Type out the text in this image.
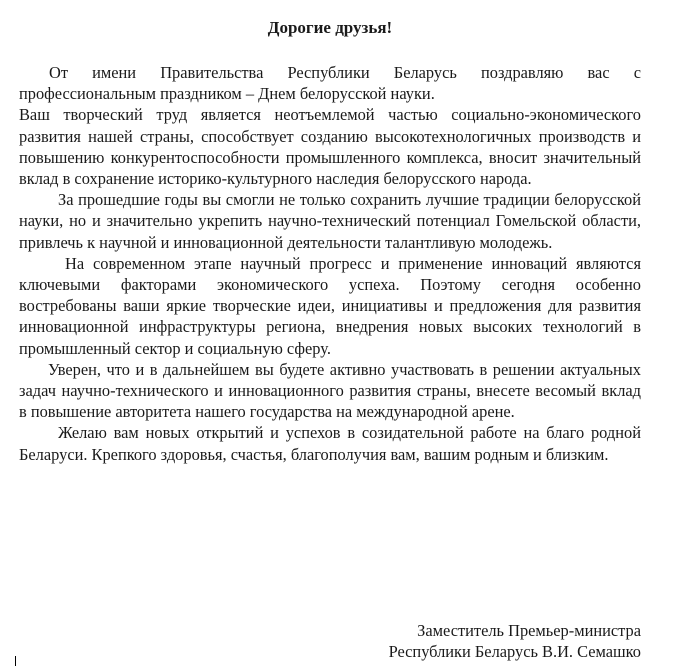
Дорогие друзья!

От имени Правительства Республики Беларусь поздравляю вас с профессиональным праздником – Днем белорусской науки.

Ваш творческий труд является неотъемлемой частью социально-экономического развития нашей страны, способствует созданию высокотехнологичных производств и повышению конкурентоспособности промышленного комплекса, вносит значительный вклад в сохранение историко-культурного наследия белорусского народа.

За прошедшие годы вы смогли не только сохранить лучшие традиции белорусской науки, но и значительно укрепить научно-технический потенциал Гомельской области, привлечь к научной и инновационной деятельности талантливую молодежь.

На современном этапе научный прогресс и применение инноваций являются ключевыми факторами экономического успеха. Поэтому сегодня особенно востребованы ваши яркие творческие идеи, инициативы и предложения для развития инновационной инфраструктуры региона, внедрения новых высоких технологий в промышленный сектор и социальную сферу.

Уверен, что и в дальнейшем вы будете активно участвовать в решении актуальных задач научно-технического и инновационного развития страны, внесете весомый вклад в повышение авторитета нашего государства на международной арене.

Желаю вам новых открытий и успехов в созидательной работе на благо родной Беларуси. Крепкого здоровья, счастья, благополучия вам, вашим родным и близким.

Заместитель Премьер-министра
Республики Беларусь В.И. Семашко
